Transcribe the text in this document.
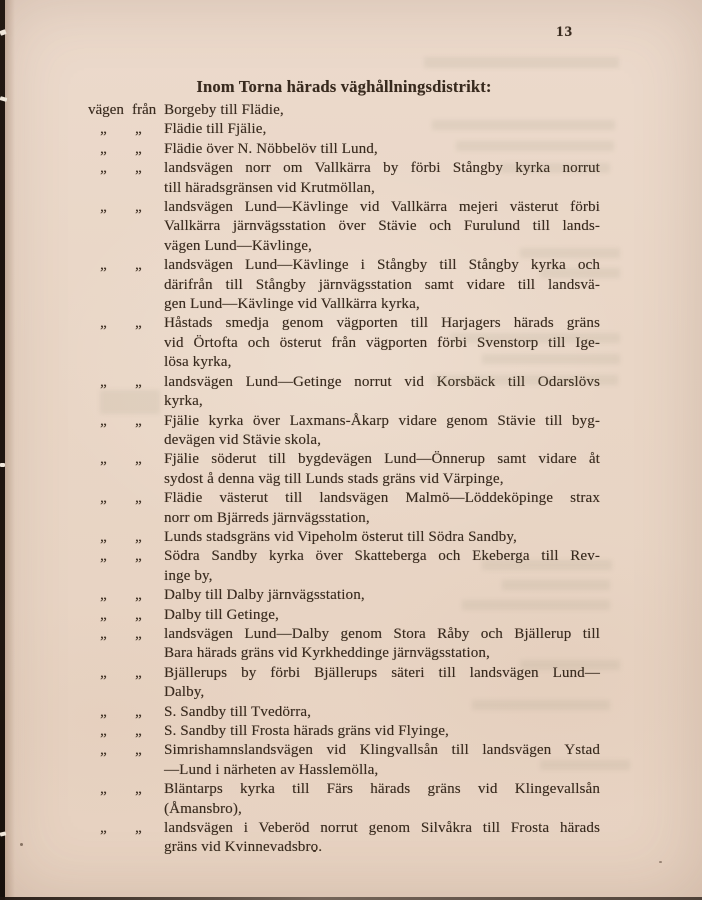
13
Inom Torna härads väghållningsdistrikt:
vägen från Borgeby till Flädie,
„	„	Flädie till Fjälie,
„	„	Flädie över N. Nöbbelöv till Lund,
„	„	landsvägen norr om Vallkärra by förbi Stångby kyrka norrut
till häradsgränsen vid Krutmöllan,
„	„	landsvägen Lund—Kävlinge vid Vallkärra mejeri västerut förbi
Vallkärra järnvägsstation över Stävie och Furulund till lands-
vägen Lund—Kävlinge,
„	„	landsvägen Lund—Kävlinge i Stångby till Stångby kyrka och
därifrån till Stångby järnvägsstation samt vidare till landsvä-
gen Lund—Kävlinge vid Vallkärra kyrka,
„	„	Håstads smedja genom vägporten till Harjagers härads gräns
vid Örtofta och österut från vägporten förbi Svenstorp till Ige-
lösa kyrka,
„	„	landsvägen Lund—Getinge norrut vid Korsbäck till Odarslövs
kyrka,
„	„	Fjälie kyrka över Laxmans-Åkarp vidare genom Stävie till byg-
devägen vid Stävie skola,
„	„	Fjälie söderut till bygdevägen Lund—Önnerup samt vidare åt
sydost å denna väg till Lunds stads gräns vid Värpinge,
„	„	Flädie västerut till landsvägen Malmö—Löddeköpinge strax
norr om Bjärreds järnvägsstation,
„	„	Lunds stadsgräns vid Vipeholm österut till Södra Sandby,
„	„	Södra Sandby kyrka över Skatteberga och Ekeberga till Rev-
inge by,
„	„	Dalby till Dalby järnvägsstation,
„	„	Dalby till Getinge,
„	„	landsvägen Lund—Dalby genom Stora Råby och Bjällerup till
Bara härads gräns vid Kyrkheddinge järnvägsstation,
„	„	Bjällerups by förbi Bjällerups säteri till landsvägen Lund—
Dalby,
„	„	S. Sandby till Tvedörra,
„	„	S. Sandby till Frosta härads gräns vid Flyinge,
„	„	Simrishamnslandsvägen vid Klingvallsån till landsvägen Ystad
—Lund i närheten av Hasslemölla,
„	„	Bläntarps kyrka till Färs härads gräns vid Klingevallsån
(Åmansbro),
„	„	landsvägen i Veberöd norrut genom Silvåkra till Frosta härads
gräns vid Kvinnevadsbro.
